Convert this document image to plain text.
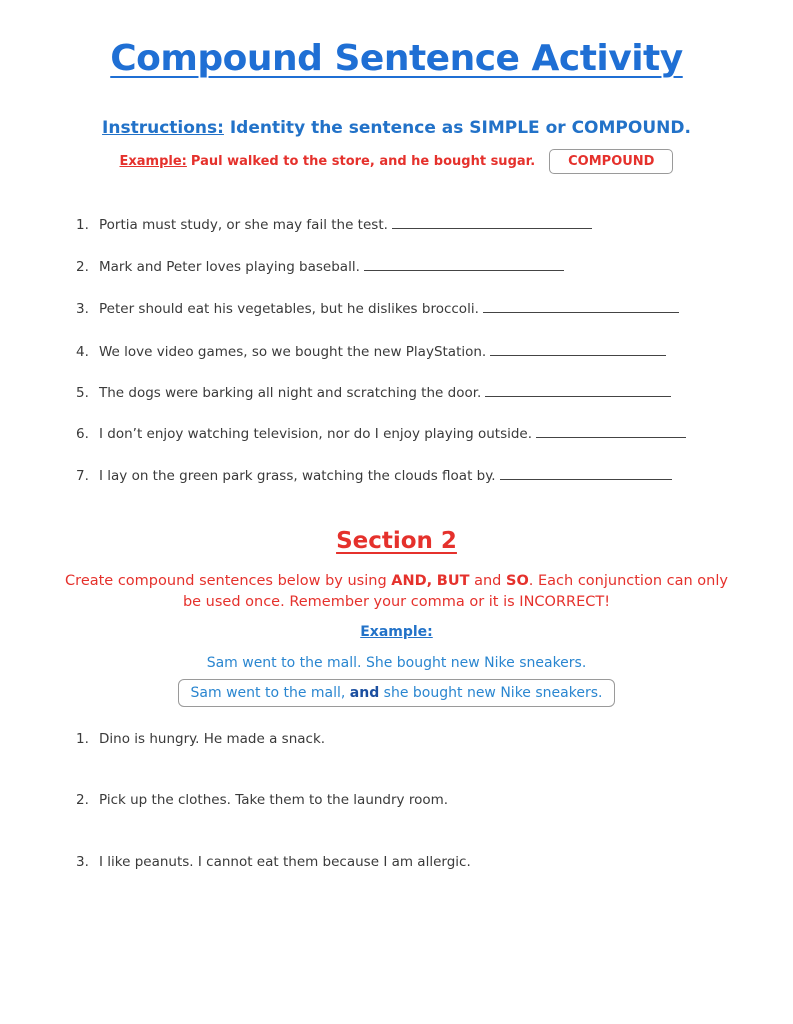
Compound Sentence Activity
Instructions: Identity the sentence as SIMPLE or COMPOUND.
Example: Paul walked to the store, and he bought sugar.	COMPOUND
1. Portia must study, or she may fail the test.
2. Mark and Peter loves playing baseball.
3. Peter should eat his vegetables, but he dislikes broccoli.
4. We love video games, so we bought the new PlayStation.
5. The dogs were barking all night and scratching the door.
6. I don’t enjoy watching television, nor do I enjoy playing outside.
7. I lay on the green park grass, watching the clouds float by.
Section 2
Create compound sentences below by using AND, BUT and SO. Each conjunction can only be used once. Remember your comma or it is INCORRECT!
Example:
Sam went to the mall. She bought new Nike sneakers.
Sam went to the mall, and she bought new Nike sneakers.
1. Dino is hungry. He made a snack.
2. Pick up the clothes. Take them to the laundry room.
3. I like peanuts. I cannot eat them because I am allergic.
